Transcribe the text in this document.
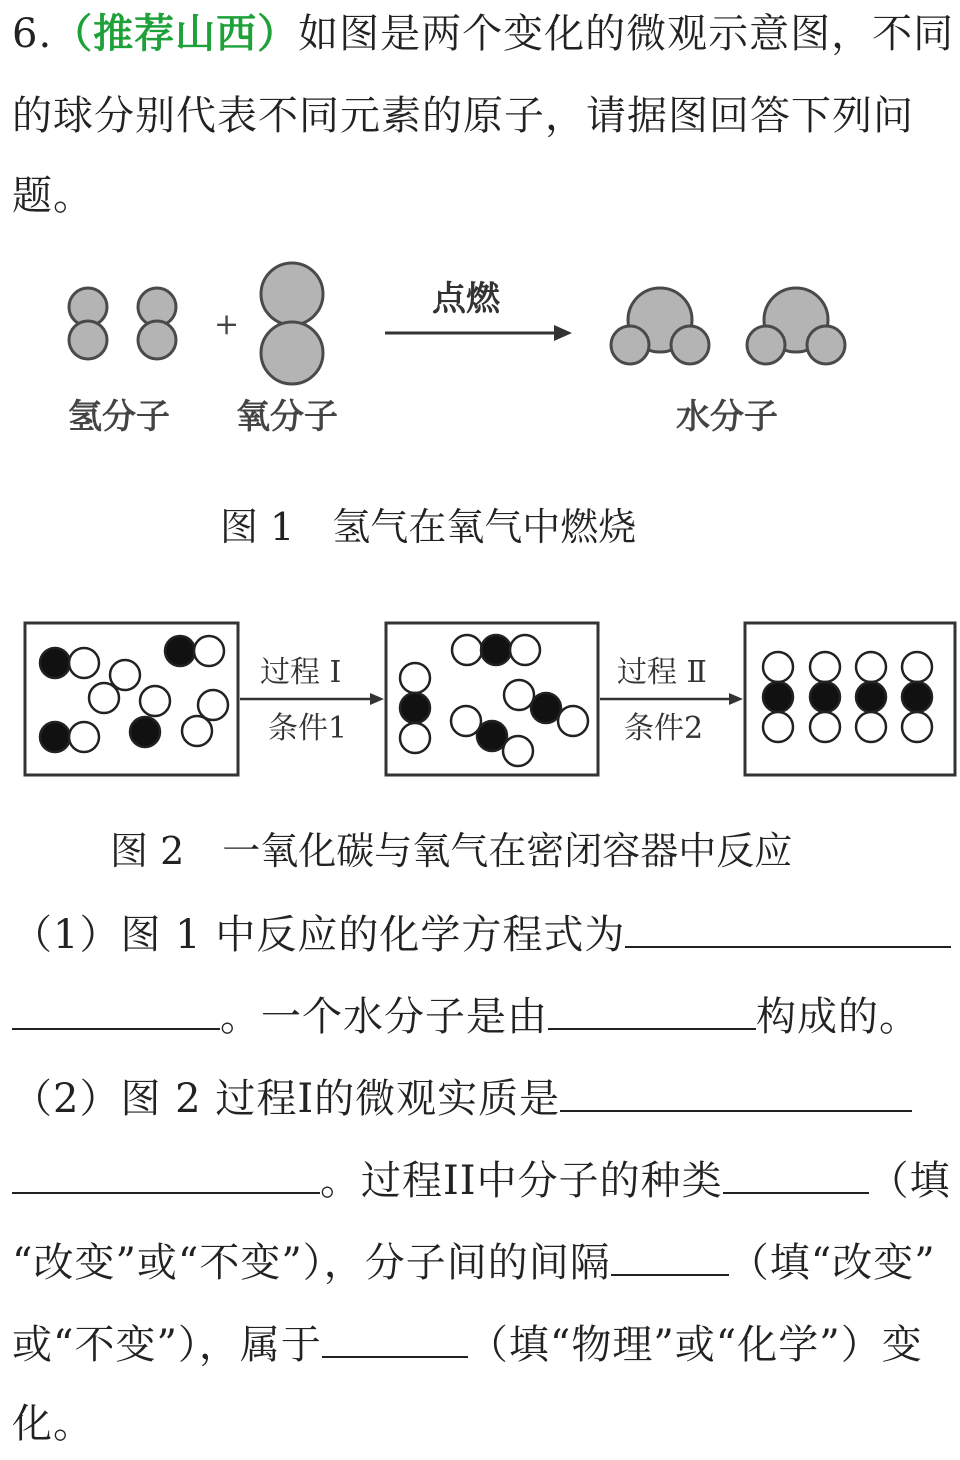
6.（推荐山西）如图是两个变化的微观示意图，不同
的球分别代表不同元素的原子，请据图回答下列问
题。
+
点燃
氢分子 氧分子	水分子
图 1　氢气在氧气中燃烧
过程 Ⅰ
条件1
过程 Ⅱ
条件2
图 2　一氧化碳与氧气在密闭容器中反应
（1）图 1 中反应的化学方程式为
。一个水分子是由	构成的。
（2）图 2 过程I的微观实质是
。过程II中分子的种类	（填
“改变”或“不变”），分子间的间隔	（填“改变”
或“不变”），属于	（填“物理”或“化学”）变
化。
